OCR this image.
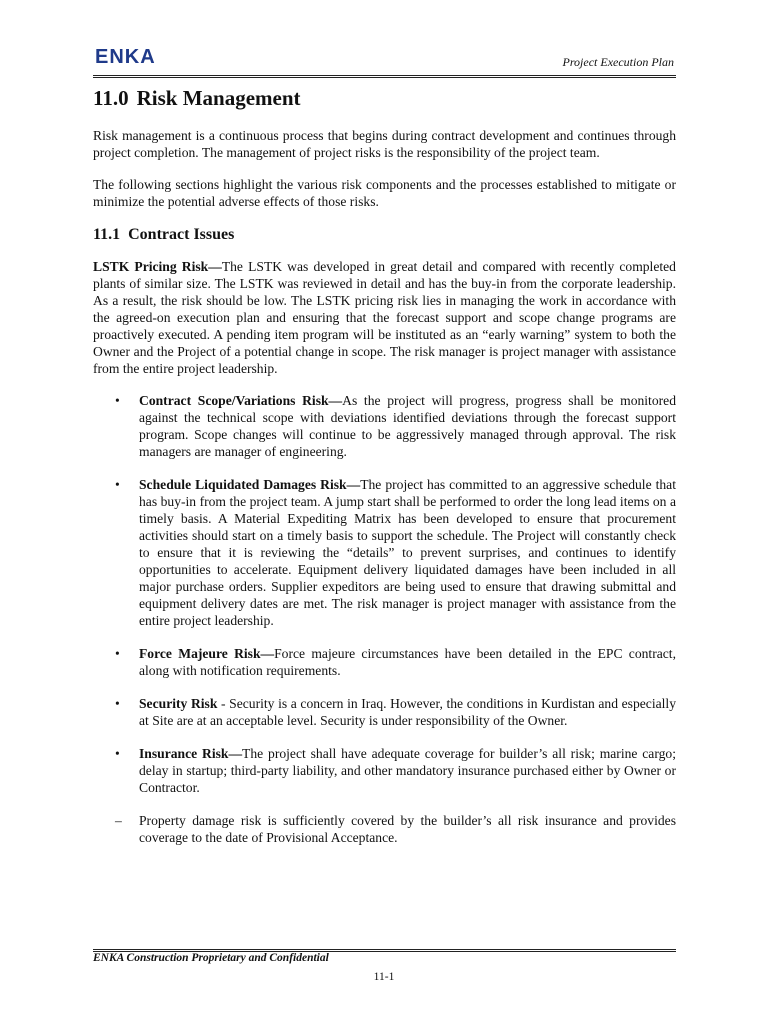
ENKA	Project Execution Plan
11.0 Risk Management

Risk management is a continuous process that begins during contract development and continues through project completion. The management of project risks is the responsibility of the project team.

The following sections highlight the various risk components and the processes established to mitigate or minimize the potential adverse effects of those risks.

11.1 Contract Issues

LSTK Pricing Risk—The LSTK was developed in great detail and compared with recently completed plants of similar size. The LSTK was reviewed in detail and has the buy-in from the corporate leadership. As a result, the risk should be low. The LSTK pricing risk lies in managing the work in accordance with the agreed-on execution plan and ensuring that the forecast support and scope change programs are proactively executed. A pending item program will be instituted as an “early warning” system to both the Owner and the Project of a potential change in scope. The risk manager is project manager with assistance from the entire project leadership.

• Contract Scope/Variations Risk—As the project will progress, progress shall be monitored against the technical scope with deviations identified deviations through the forecast support program. Scope changes will continue to be aggressively managed through approval. The risk managers are manager of engineering.
• Schedule Liquidated Damages Risk—The project has committed to an aggressive schedule that has buy-in from the project team. A jump start shall be performed to order the long lead items on a timely basis. A Material Expediting Matrix has been developed to ensure that procurement activities should start on a timely basis to support the schedule. The Project will constantly check to ensure that it is reviewing the “details” to prevent surprises, and continues to identify opportunities to accelerate. Equipment delivery liquidated damages have been included in all major purchase orders. Supplier expeditors are being used to ensure that drawing submittal and equipment delivery dates are met. The risk manager is project manager with assistance from the entire project leadership.
• Force Majeure Risk—Force majeure circumstances have been detailed in the EPC contract, along with notification requirements.
• Security Risk - Security is a concern in Iraq. However, the conditions in Kurdistan and especially at Site are at an acceptable level. Security is under responsibility of the Owner.
• Insurance Risk—The project shall have adequate coverage for builder’s all risk; marine cargo; delay in startup; third-party liability, and other mandatory insurance purchased either by Owner or Contractor.
– Property damage risk is sufficiently covered by the builder’s all risk insurance and provides coverage to the date of Provisional Acceptance.
ENKA Construction Proprietary and Confidential
11-1
